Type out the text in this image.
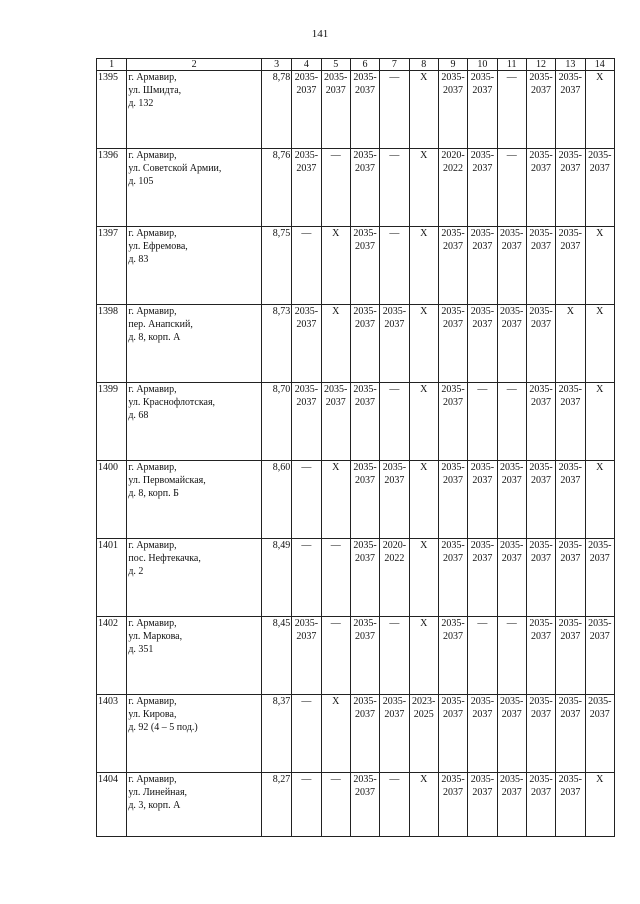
141
1	2	3	4	5	6	7	8	9	10	11	12	13	14
1395	г. Армавир,
ул. Шмидта,
д. 132	8,78	2035-
2037	2035-
2037	2035-
2037	—	Х	2035-
2037	2035-
2037	—	2035-
2037	2035-
2037	Х

1396	г. Армавир,
ул. Советской Армии,
д. 105	8,76	2035-
2037	—	2035-
2037	—	Х	2020-
2022	2035-
2037	—	2035-
2037	2035-
2037	2035-
2037

1397	г. Армавир,
ул. Ефремова,
д. 83	8,75	—	Х	2035-
2037	—	Х	2035-
2037	2035-
2037	2035-
2037	2035-
2037	2035-
2037	Х

1398	г. Армавир,
пер. Анапский,
д. 8, корп. А	8,73	2035-
2037	Х	2035-
2037	2035-
2037	Х	2035-
2037	2035-
2037	2035-
2037	2035-
2037	Х	Х

1399	г. Армавир,
ул. Краснофлотская,
д. 68	8,70	2035-
2037	2035-
2037	2035-
2037	—	Х	2035-
2037	—	—	2035-
2037	2035-
2037	Х

1400	г. Армавир,
ул. Первомайская,
д. 8, корп. Б	8,60	—	Х	2035-
2037	2035-
2037	Х	2035-
2037	2035-
2037	2035-
2037	2035-
2037	2035-
2037	Х

1401	г. Армавир,
пос. Нефтекачка,
д. 2	8,49	—	—	2035-
2037	2020-
2022	Х	2035-
2037	2035-
2037	2035-
2037	2035-
2037	2035-
2037	2035-
2037

1402	г. Армавир,
ул. Маркова,
д. 351	8,45	2035-
2037	—	2035-
2037	—	Х	2035-
2037	—	—	2035-
2037	2035-
2037	2035-
2037

1403	г. Армавир,
ул. Кирова,
д. 92 (4 – 5 под.)	8,37	—	Х	2035-
2037	2035-
2037	2023-
2025	2035-
2037	2035-
2037	2035-
2037	2035-
2037	2035-
2037	2035-
2037

1404	г. Армавир,
ул. Линейная,
д. 3, корп. А	8,27	—	—	2035-
2037	—	Х	2035-
2037	2035-
2037	2035-
2037	2035-
2037	2035-
2037	Х
